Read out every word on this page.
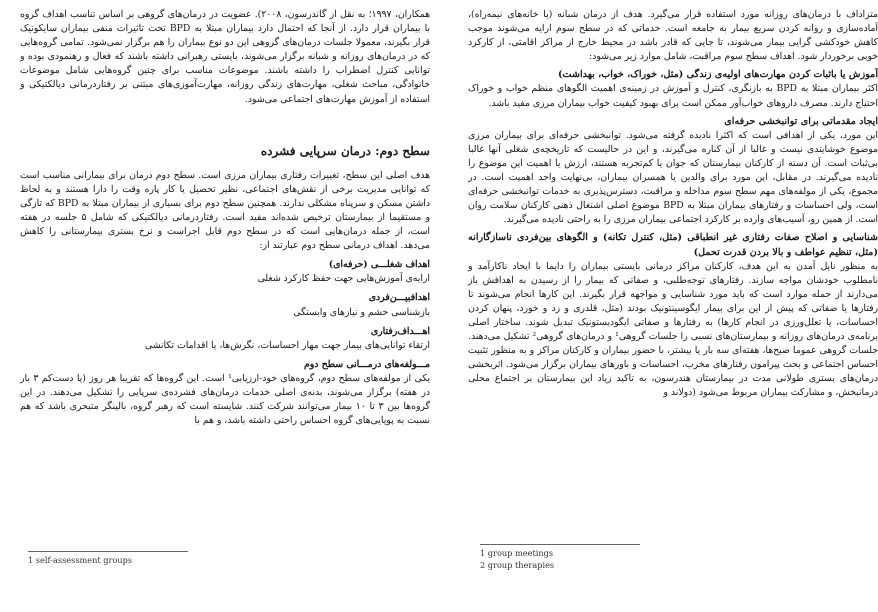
همکاران، ۱۹۹۷؛ به نقل از گاندرسون، ۲۰۰۸). عضویت در درمان‌های گروهی بر اساس تناسب اهداف گروه با بیماران قرار دارد. از آنجا که احتمال دارد بیماران مبتلا به BPD تحت تاثیرات منفی بیماران سایکوتیک قرار بگیرند، معمولا جلسات درمان‌های گروهی این دو نوع بیماران را هم برگزار نمی‌شود. تمامی گروه‌هایی که در درمان‌های روزانه و شبانه برگزار می‌شوند، بایستی رهبرانی داشته باشند که فعال و رهنمودی بوده و توانایی کنترل اضطراب را داشته باشند. موضوعات مناسب برای چنین گروه‌هایی شامل موضوعات خانوادگی، مباحث شغلی، مهارت‌های زندگی روزانه، مهارت‌آموزی‌های مبتنی بر رفتاردرمانی دیالکتیکی و استفاده از آموزش مهارت‌های اجتماعی می‌شود.

سطح دوم: درمان سرپایی فشرده

هدف اصلی این سطح، تغییرات رفتاری بیماران مرزی است. سطح دوم درمان برای بیمارانی مناسب است که توانایی مدیریت برخی از نقش‌های اجتماعی، نظیر تحصیل یا کار پاره وقت را دارا هستند و به لحاظ داشتن مسکن و سرپناه مشکلی ندارند. همچنین سطح دوم برای بسیاری از بیماران مبتلا به BPD که تازگی و مستقیما از بیمارستان ترخیص شده‌اند مفید است. رفتاردرمانی دیالکتیکی که شامل ۵ جلسه در هفته است، از جمله درمان‌هایی است که در سطح دوم قابل اجراست و نرخ بستری بیمارستانی را کاهش می‌دهد. اهداف درمانی سطح دوم عبارتند از:

اهداف شغلـــی (حرفه‌ای)
ارایه‌ی آموزش‌هایی جهت حفظ کارکرد شغلی
اهدافبیـــن‌فردی
بازشناسی خشم و نیازهای وابستگی
اهـــداف‌رفتاری
ارتقاء توانایی‌های بیمار جهت مهار احساسات، نگرش‌ها، یا اقدامات تکانشی
مـــولفه‌های درمـــانی سطح دوم

یکی از مولفه‌های سطح دوم، گروه‌های خود-ارزیابی¹ است. این گروه‌ها که تقریبا هر روز (یا دست‌کم ۳ بار در هفته) برگزار می‌شوند، بدنه‌ی اصلی خدمات درمان‌های فشرده‌ی سرپایی را تشکیل می‌دهند. در این گروه‌ها بین ۳ تا ۱۰ بیمار می‌توانند شرکت کنند. شایسته است که رهبر گروه، بالینگر متبحری باشد که هم نسبت به پویایی‌های گروه احساس راحتی داشته باشد، و هم با

1 self-assessment groups

متراداف با درمان‌های روزانه مورد استفاده قرار می‌گیرد. هدف از درمان شبانه (یا خانه‌های نیمه‌راه)، آماده‌سازی و روانه کردن سریع بیمار به جامعه است. خدماتی که در سطح سوم ارایه می‌شوند موجب کاهش خودکشی گرایی بیمار می‌شوند، تا جایی که قادر باشد در محیط خارج از مراکز اقامتی، از کارکرد خوبی برخوردار شود. اهداف سطح سوم مراقبت، شامل موارد زیر می‌شود:

آموزش یا باثبات کردن مهارت‌های اولیه‌ی زندگی (مثل، خوراک، خواب، بهداشت)

اکثر بیماران مبتلا به BPD به بازنگری، کنترل و آموزش در زمینه‌ی اهمیت الگوهای منظم خواب و خوراک احتیاج دارند. مصرف داروهای خواب‌آور ممکن است برای بهبود کیفیت خواب بیماران مرزی مفید باشد.

ایجاد مقدماتی برای توانبخشی حرفه‌ای

این مورد، یکی از اهدافی است که اکثرا نادیده گرفته می‌شود. توانبخشی حرفه‌ای برای بیماران مرزی موضوع خوشایندی نیست و غالبا از آن کناره می‌گیرند، و این در حالیست که تاریخچه‌ی شغلی آنها غالبا بی‌ثبات است. آن دسته از کارکنان بیمارستان که جوان یا کم‌تجربه هستند، ارزش یا اهمیت این موضوع را نادیده می‌گیرند. در مقابل، این مورد برای والدین یا همسران بیماران، بی‌نهایت واجد اهمیت است. در مجموع، یکی از مولفه‌های مهم سطح سوم مداخله و مراقبت، دسترس‌پذیری به خدمات توانبخشی حرفه‌ای است، ولی احساسات و رفتارهای بیماران مبتلا به BPD موضوع اصلی اشتغال ذهنی کارکنان سلامت روان است. از همین رو، آسیب‌های وارده بر کارکرد اجتماعی بیماران مرزی را به راحتی نادیده می‌گیرند.

شناسایی و اصلاح صفات رفتاری غیر انطباقی (مثل، کنترل تکانه) و الگوهای بین‌فردی ناسازگارانه (مثل، تنظیم عواطف و بالا بردن قدرت تحمل)

به منظور نایل آمدن به این هدف، کارکنان مراکز درمانی بایستی بیماران را دایما با ایجاد ناکارآمد و نامطلوب خودشان مواجه سازند. رفتارهای توجه‌طلبی، و صفاتی که بیمار را از رسیدن به اهدافش باز می‌دارند از جمله موارد است که باید مورد شناسایی و مواجهه قرار بگیرند. این کارها انجام می‌شوند تا رفتارها یا صفاتی که پیش از این برای بیمار ایگوسینتونیک بودند (مثل، قلدری و زد و خورد، پنهان کردن احساسات، یا تعلل‌ورزی در انجام کارها) به رفتارها و صفاتی ایگودیستونیک تبدیل شوند. ساختار اصلی برنامه‌ی درمان‌های روزانه و بیمارستان‌های نسبی را جلسات گروهی¹ و درمان‌های گروهی² تشکیل می‌دهند. جلسات گروهی عموما صبح‌ها، هفته‌ای سه بار یا بیشتر، با حضور بیماران و کارکنان مراکز و به منظور تثبیت احساس اجتماعی و بحث پیرامون رفتارهای مخرب، احساسات و باورهای بیماران برگزار می‌شود. اثربخشی درمان‌های بستری طولانی مدت در بیمارستان هندرسون، به تاکید زیاد این بیمارستان بر اجتماع محلی درمانبخش، و مشارکت بیماران مربوط می‌شود (دولاند و

1 group meetings
2 group therapies
